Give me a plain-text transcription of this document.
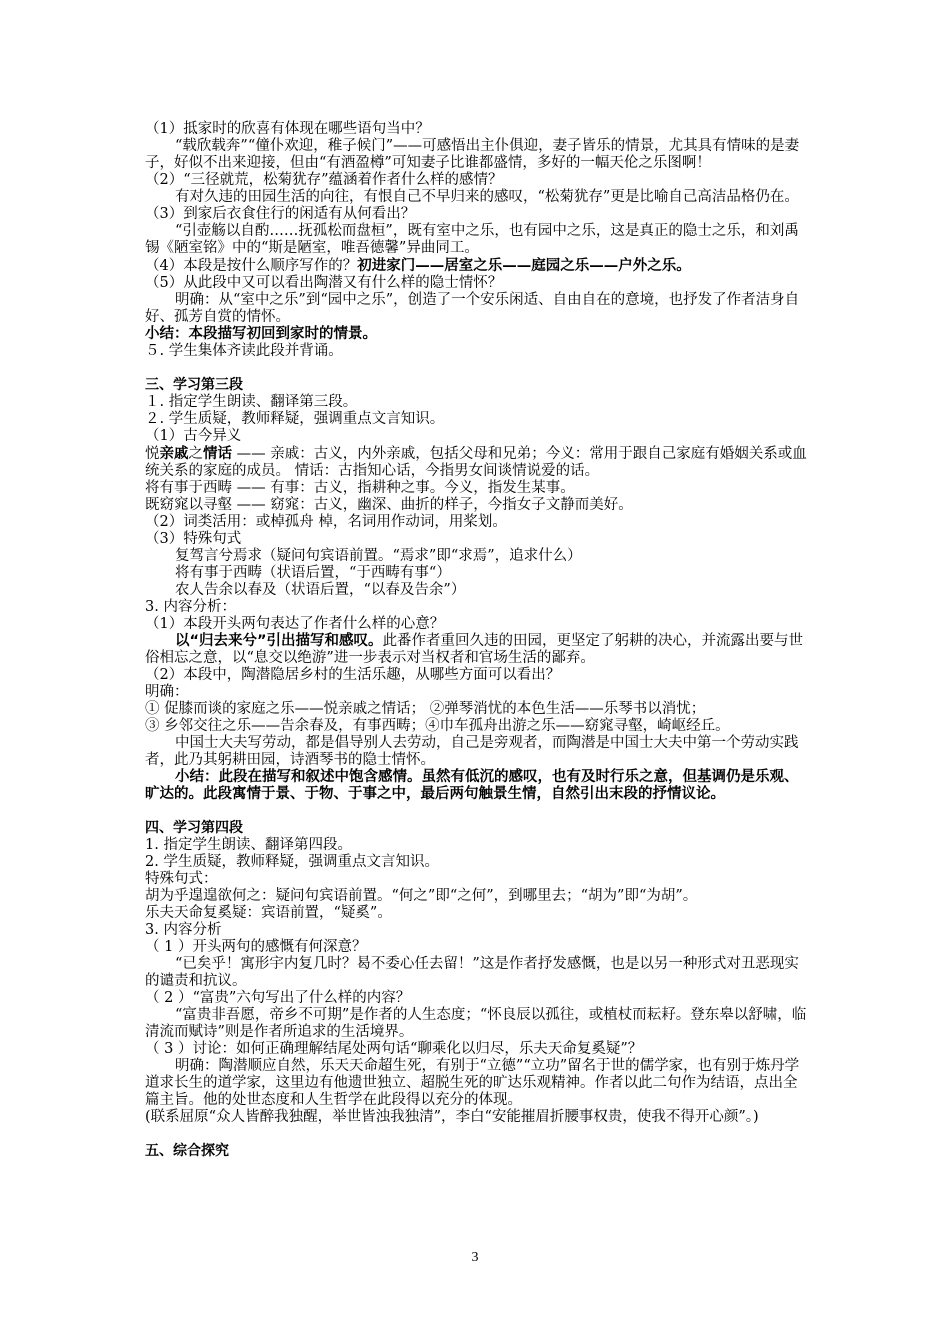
（1）抵家时的欣喜有体现在哪些语句当中？

“载欣载奔”“僮仆欢迎，稚子候门”——可感悟出主仆俱迎，妻子皆乐的情景，尤其具有情味的是妻子，好似不出来迎接，但由“有酒盈樽”可知妻子比谁都盛情，多好的一幅天伦之乐图啊！

（2）“三径就荒，松菊犹存”蕴涵着作者什么样的感情？

有对久违的田园生活的向往，有恨自己不早归来的感叹，“松菊犹存”更是比喻自己高洁品格仍在。

（3）到家后衣食住行的闲适有从何看出？

“引壶觞以自酌……抚孤松而盘桓”，既有室中之乐，也有园中之乐，这是真正的隐士之乐，和刘禹锡《陋室铭》中的“斯是陋室，唯吾德馨”异曲同工。

（4）本段是按什么顺序写作的？初进家门——居室之乐——庭园之乐——户外之乐。

（5）从此段中又可以看出陶潜又有什么样的隐士情怀？

明确：从“室中之乐”到“园中之乐”，创造了一个安乐闲适、自由自在的意境，也抒发了作者洁身自好、孤芳自赏的情怀。

小结：本段描写初回到家时的情景。

５. 学生集体齐读此段并背诵。

三、学习第三段

１. 指定学生朗读、翻译第三段。

２. 学生质疑，教师释疑，强调重点文言知识。

（1）古今异义

悦亲戚之情话 —— 亲戚：古义，内外亲戚，包括父母和兄弟；今义：常用于跟自己家庭有婚姻关系或血统关系的家庭的成员。 情话：古指知心话，今指男女间谈情说爱的话。

将有事于西畴 —— 有事：古义，指耕种之事。今义，指发生某事。

既窈窕以寻壑 —— 窈窕：古义，幽深、曲折的样子，今指女子文静而美好。

（2）词类活用：或棹孤舟 棹，名词用作动词，用桨划。

（3）特殊句式

复驾言兮焉求（疑问句宾语前置。“焉求”即“求焉”，追求什么）

将有事于西畴（状语后置，“于西畴有事“）

农人告余以春及（状语后置，“以春及告余”）

3. 内容分析：

（1）本段开头两句表达了作者什么样的心意？

以“归去来兮”引出描写和感叹。此番作者重回久违的田园，更坚定了躬耕的决心，并流露出要与世俗相忘之意，以“息交以绝游”进一步表示对当权者和官场生活的鄙弃。

（2）本段中，陶潜隐居乡村的生活乐趣，从哪些方面可以看出？

明确：

① 促膝而谈的家庭之乐——悦亲戚之情话； ②弹琴消忧的本色生活——乐琴书以消忧；

③ 乡邻交往之乐——告余春及，有事西畴；④巾车孤舟出游之乐——窈窕寻壑，崎岖经丘。

中国士大夫写劳动，都是倡导别人去劳动，自己是旁观者，而陶潜是中国士大夫中第一个劳动实践者，此乃其躬耕田园，诗酒琴书的隐士情怀。

小结：此段在描写和叙述中饱含感情。虽然有低沉的感叹，也有及时行乐之意，但基调仍是乐观、旷达的。此段寓情于景、于物、于事之中，最后两句触景生情，自然引出末段的抒情议论。

四、学习第四段

1. 指定学生朗读、翻译第四段。

2. 学生质疑，教师释疑，强调重点文言知识。

特殊句式：

胡为乎遑遑欲何之：疑问句宾语前置。“何之”即“之何”，到哪里去；“胡为”即“为胡”。

乐夫天命复奚疑：宾语前置，“疑奚”。

3. 内容分析

（ 1 ）开头两句的感慨有何深意？

“已矣乎！寓形宇内复几时？曷不委心任去留！”这是作者抒发感慨，也是以另一种形式对丑恶现实的谴责和抗议。

（ 2 ）“富贵”六句写出了什么样的内容？

“富贵非吾愿，帝乡不可期”是作者的人生态度；“怀良辰以孤往，或植杖而耘耔。登东皋以舒啸，临清流而赋诗”则是作者所追求的生活境界。

（ 3 ）讨论：如何正确理解结尾处两句话“聊乘化以归尽，乐夫天命复奚疑”？

明确：陶潜顺应自然，乐天天命超生死，有别于“立德”“立功”留名于世的儒学家，也有别于炼丹学道求长生的道学家，这里边有他遗世独立、超脱生死的旷达乐观精神。作者以此二句作为结语，点出全篇主旨。他的处世态度和人生哲学在此段得以充分的体现。

(联系屈原“众人皆醉我独醒，举世皆浊我独清”，李白“安能摧眉折腰事权贵，使我不得开心颜”。)

五、综合探究

3
